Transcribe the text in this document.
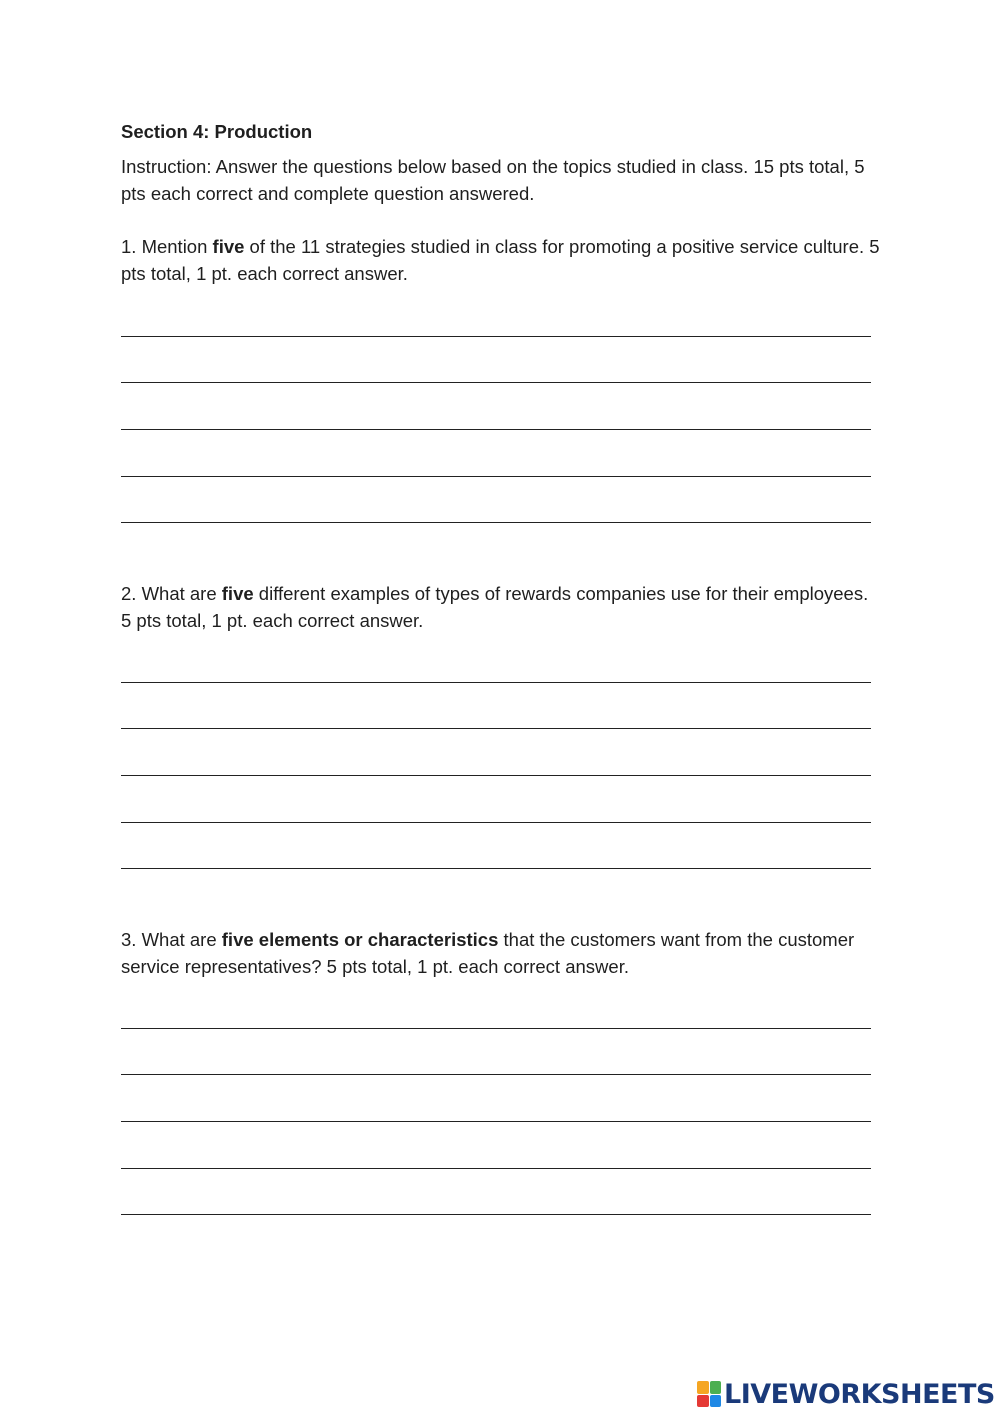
Section 4: Production

Instruction: Answer the questions below based on the topics studied in class. 15 pts total, 5 pts each correct and complete question answered.

1. Mention five of the 11 strategies studied in class for promoting a positive service culture. 5 pts total, 1 pt. each correct answer.

2. What are five different examples of types of rewards companies use for their employees. 5 pts total, 1 pt. each correct answer.

3. What are five elements or characteristics that the customers want from the customer service representatives? 5 pts total, 1 pt. each correct answer.

LIVEWORKSHEETS
